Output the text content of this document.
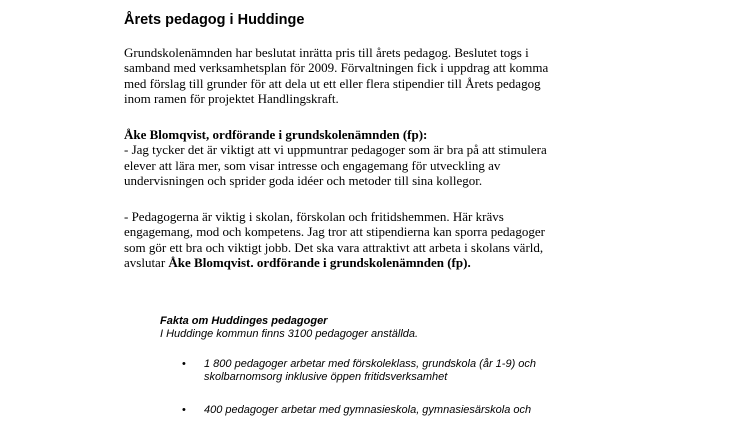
Årets pedagog i Huddinge

Grundskolenämnden har beslutat inrätta pris till årets pedagog. Beslutet togs i
samband med verksamhetsplan för 2009. Förvaltningen fick i uppdrag att komma
med förslag till grunder för att dela ut ett eller flera stipendier till Årets pedagog
inom ramen för projektet Handlingskraft.

Åke Blomqvist, ordförande i grundskolenämnden (fp):
- Jag tycker det är viktigt att vi uppmuntrar pedagoger som är bra på att stimulera
elever att lära mer, som visar intresse och engagemang för utveckling av
undervisningen och sprider goda idéer och metoder till sina kollegor.

- Pedagogerna är viktig i skolan, förskolan och fritidshemmen. Här krävs
engagemang, mod och kompetens. Jag tror att stipendierna kan sporra pedagoger
som gör ett bra och viktigt jobb. Det ska vara attraktivt att arbeta i skolans värld,
avslutar Åke Blomqvist. ordförande i grundskolenämnden (fp).

Fakta om Huddinges pedagoger
I Huddinge kommun finns 3100 pedagoger anställda.
• 1 800 pedagoger arbetar med förskoleklass, grundskola (år 1-9) och
skolbarnomsorg inklusive öppen fritidsverksamhet
• 400 pedagoger arbetar med gymnasieskola, gymnasiesärskola och
